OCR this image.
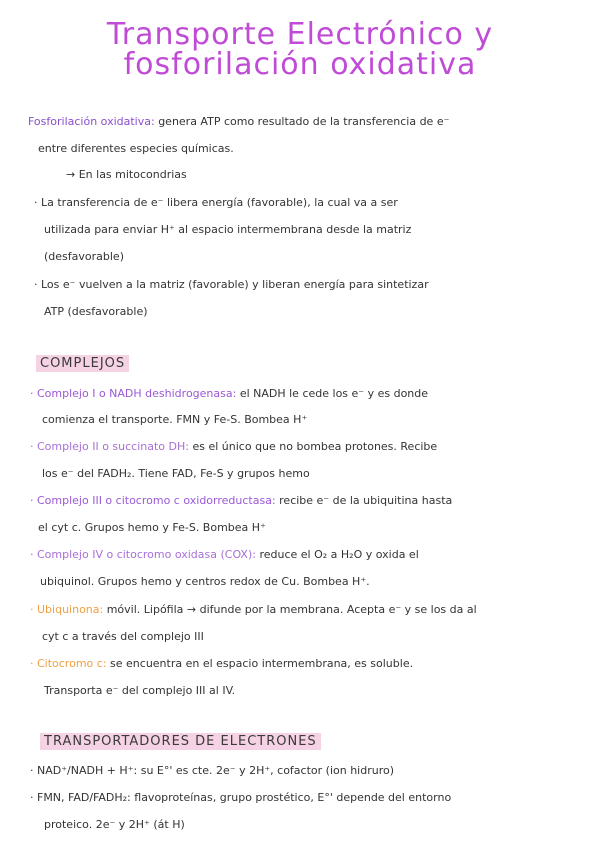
Transporte Electrónico y
fosforilación oxidativa
Fosforilación oxidativa: genera ATP como resultado de la transferencia de e⁻
entre diferentes especies químicas.
→ En las mitocondrias
· La transferencia de e⁻ libera energía (favorable), la cual va a ser
utilizada para enviar H⁺ al espacio intermembrana desde la matriz
(desfavorable)
· Los e⁻ vuelven a la matriz (favorable) y liberan energía para sintetizar
ATP (desfavorable)
COMPLEJOS
· Complejo I o NADH deshidrogenasa: el NADH le cede los e⁻ y es donde
comienza el transporte. FMN y Fe-S. Bombea H⁺
· Complejo II o succinato DH: es el único que no bombea protones. Recibe
los e⁻ del FADH₂. Tiene FAD, Fe-S y grupos hemo
· Complejo III o citocromo c oxidorreductasa: recibe e⁻ de la ubiquitina hasta
el cyt c. Grupos hemo y Fe-S. Bombea H⁺
· Complejo IV o citocromo oxidasa (COX): reduce el O₂ a H₂O y oxida el
ubiquinol. Grupos hemo y centros redox de Cu. Bombea H⁺.
· Ubiquinona: móvil. Lipófila → difunde por la membrana. Acepta e⁻ y se los da al
cyt c a través del complejo III
· Citocromo c: se encuentra en el espacio intermembrana, es soluble.
Transporta e⁻ del complejo III al IV.
TRANSPORTADORES DE ELECTRONES
· NAD⁺/NADH + H⁺: su E°' es cte. 2e⁻ y 2H⁺, cofactor (ion hidruro)
· FMN, FAD/FADH₂: flavoproteínas, grupo prostético, E°' depende del entorno
proteico. 2e⁻ y 2H⁺ (át H)
